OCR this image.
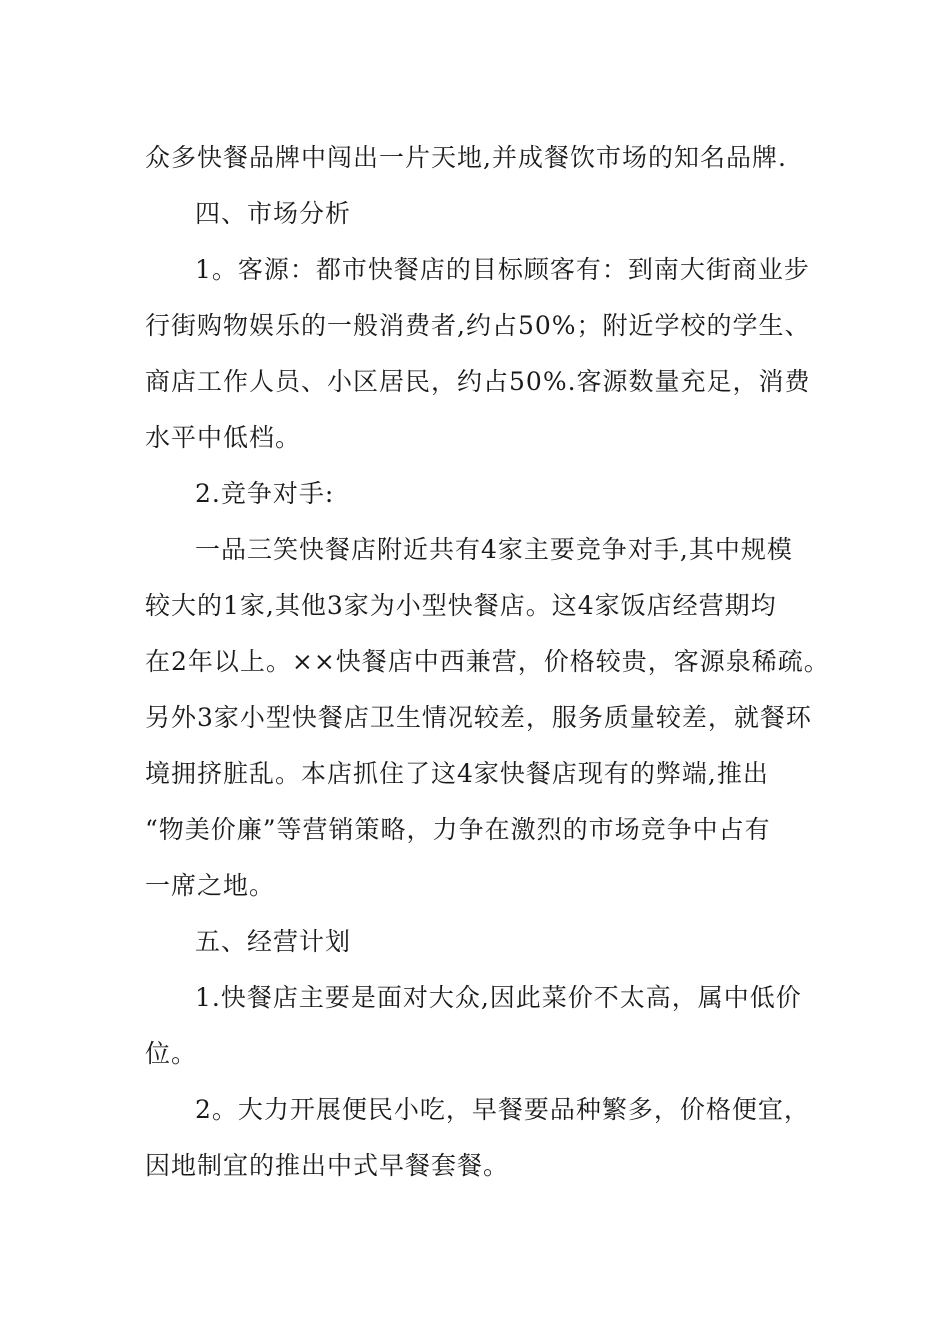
众多快餐品牌中闯出一片天地,并成餐饮市场的知名品牌.
四、市场分析
1。客源：都市快餐店的目标顾客有：到南大街商业步
行街购物娱乐的一般消费者,约占50%；附近学校的学生、
商店工作人员、小区居民，约占50%.客源数量充足，消费
水平中低档。
2.竞争对手:
一品三笑快餐店附近共有4家主要竞争对手,其中规模
较大的1家,其他3家为小型快餐店。这4家饭店经营期均
在2年以上。××快餐店中西兼营，价格较贵，客源泉稀疏。
另外3家小型快餐店卫生情况较差，服务质量较差，就餐环
境拥挤脏乱。本店抓住了这4家快餐店现有的弊端,推出
“物美价廉”等营销策略，力争在激烈的市场竞争中占有
一席之地。
五、经营计划
1.快餐店主要是面对大众,因此菜价不太高，属中低价
位。
2。大力开展便民小吃，早餐要品种繁多，价格便宜，
因地制宜的推出中式早餐套餐。
